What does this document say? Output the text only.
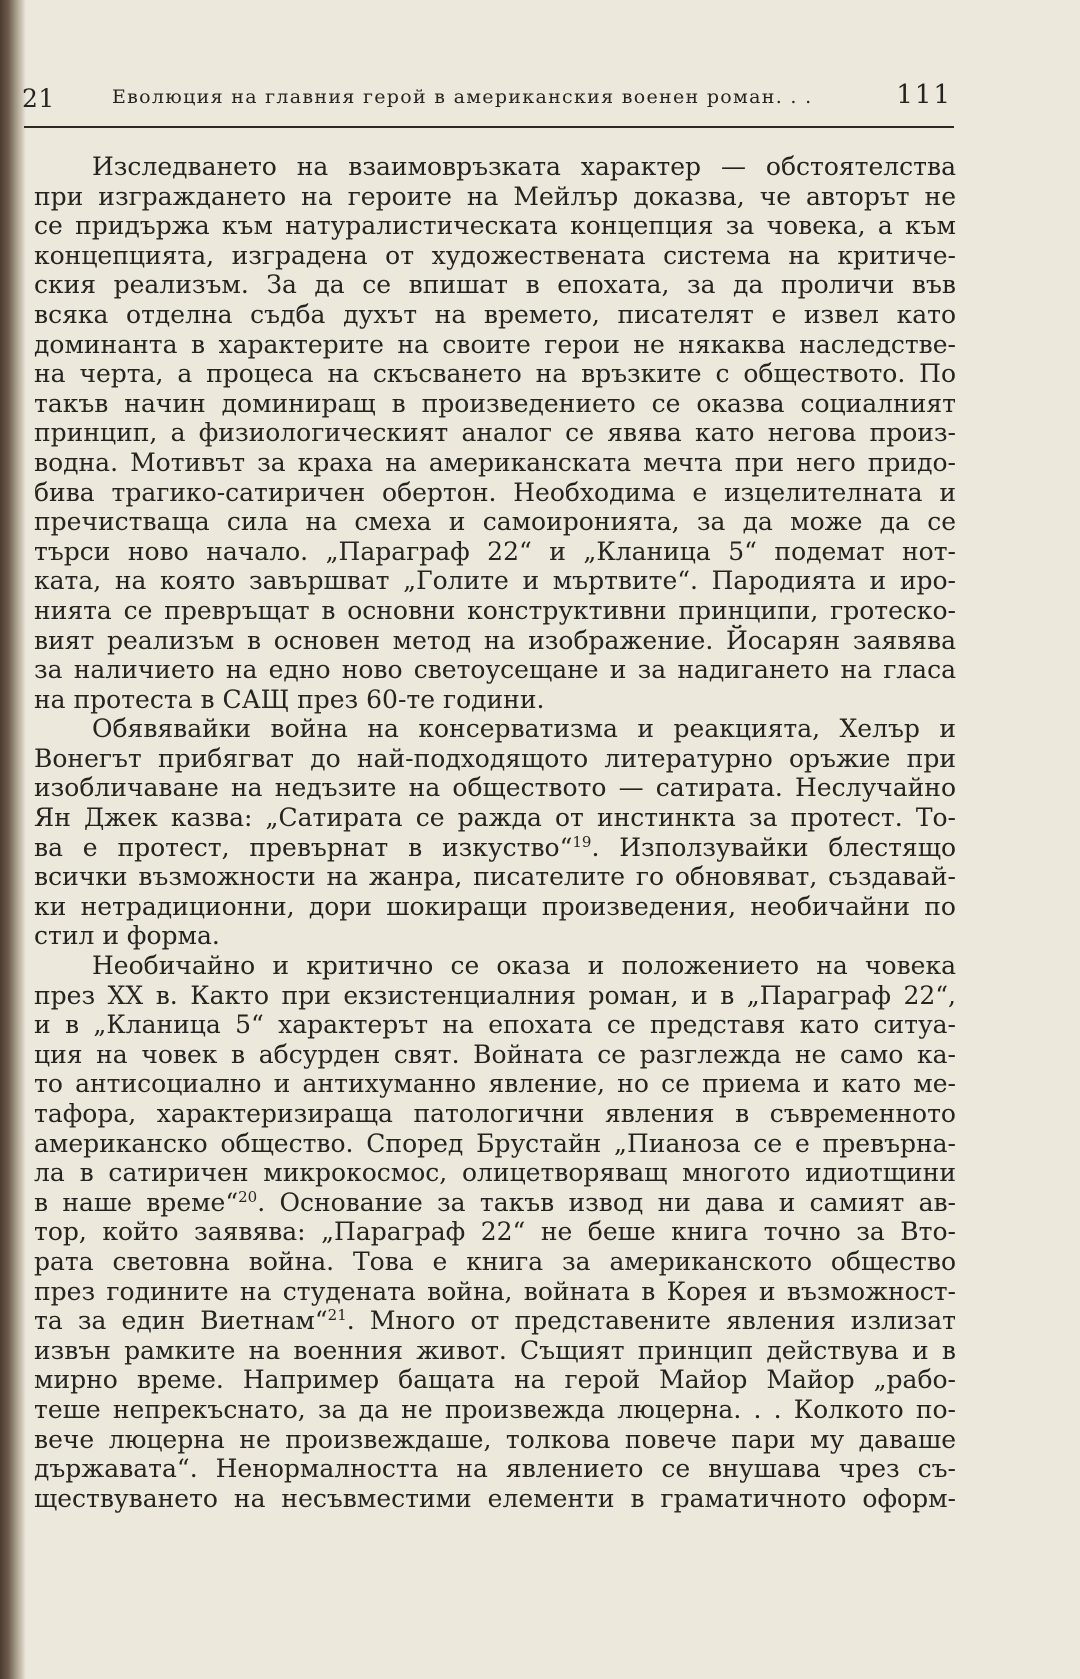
21	Еволюция на главния герой в американския военен роман. . .	111
Изследването на взаимовръзката характер — обстоятелства
при изграждането на героите на Мейлър доказва, че авторът не
се придържа към натуралистическата концепция за човека, а към
концепцията, изградена от художествената система на критиче-
ския реализъм. За да се впишат в епохата, за да проличи във
всяка отделна съдба духът на времето, писателят е извел като
доминанта в характерите на своите герои не някаква наследстве-
на черта, а процеса на скъсването на връзките с обществото. По
такъв начин доминиращ в произведението се оказва социалният
принцип, а физиологическият аналог се явява като негова произ-
водна. Мотивът за краха на американската мечта при него придо-
бива трагико-сатиричен обертон. Необходима е изцелителната и
пречистваща сила на смеха и самоиронията, за да може да се
търси ново начало. „Параграф 22“ и „Кланица 5“ подемат нот-
ката, на която завършват „Голите и мъртвите“. Пародията и иро-
нията се превръщат в основни конструктивни принципи, гротеско-
вият реализъм в основен метод на изображение. Йосарян заявява
за наличието на едно ново светоусещане и за надигането на гласа
на протеста в САЩ през 60-те години.
Обявявайки война на консерватизма и реакцията, Хелър и
Вонегът прибягват до най-подходящото литературно оръжие при
изобличаване на недъзите на обществото — сатирата. Неслучайно
Ян Джек казва: „Сатирата се ражда от инстинкта за протест. То-
ва е протест, превърнат в изкуство“$^{19}$. Използувайки блестящо
всички възможности на жанра, писателите го обновяват, създавай-
ки нетрадиционни, дори шокиращи произведения, необичайни по
стил и форма.
Необичайно и критично се оказа и положението на човека
през XX в. Както при екзистенциалния роман, и в „Параграф 22“,
и в „Кланица 5“ характерът на епохата се представя като ситуа-
ция на човек в абсурден свят. Войната се разглежда не само ка-
то антисоциално и антихуманно явление, но се приема и като ме-
тафора, характеризираща патологични явления в съвременното
американско общество. Според Брустайн „Пианоза се е превърна-
ла в сатиричен микрокосмос, олицетворяващ многото идиотщини
в наше време“$^{20}$. Основание за такъв извод ни дава и самият ав-
тор, който заявява: „Параграф 22“ не беше книга точно за Вто-
рата световна война. Това е книга за американското общество
през годините на студената война, войната в Корея и възможност-
та за един Виетнам“$^{21}$. Много от представените явления излизат
извън рамките на военния живот. Същият принцип действува и в
мирно време. Например бащата на герой Майор Майор „рабо-
теше непрекъснато, за да не произвежда люцерна. . . Колкото по-
вече люцерна не произвеждаше, толкова повече пари му даваше
държавата“. Ненормалността на явлението се внушава чрез съ-
ществуването на несъвместими елементи в граматичното оформ-
